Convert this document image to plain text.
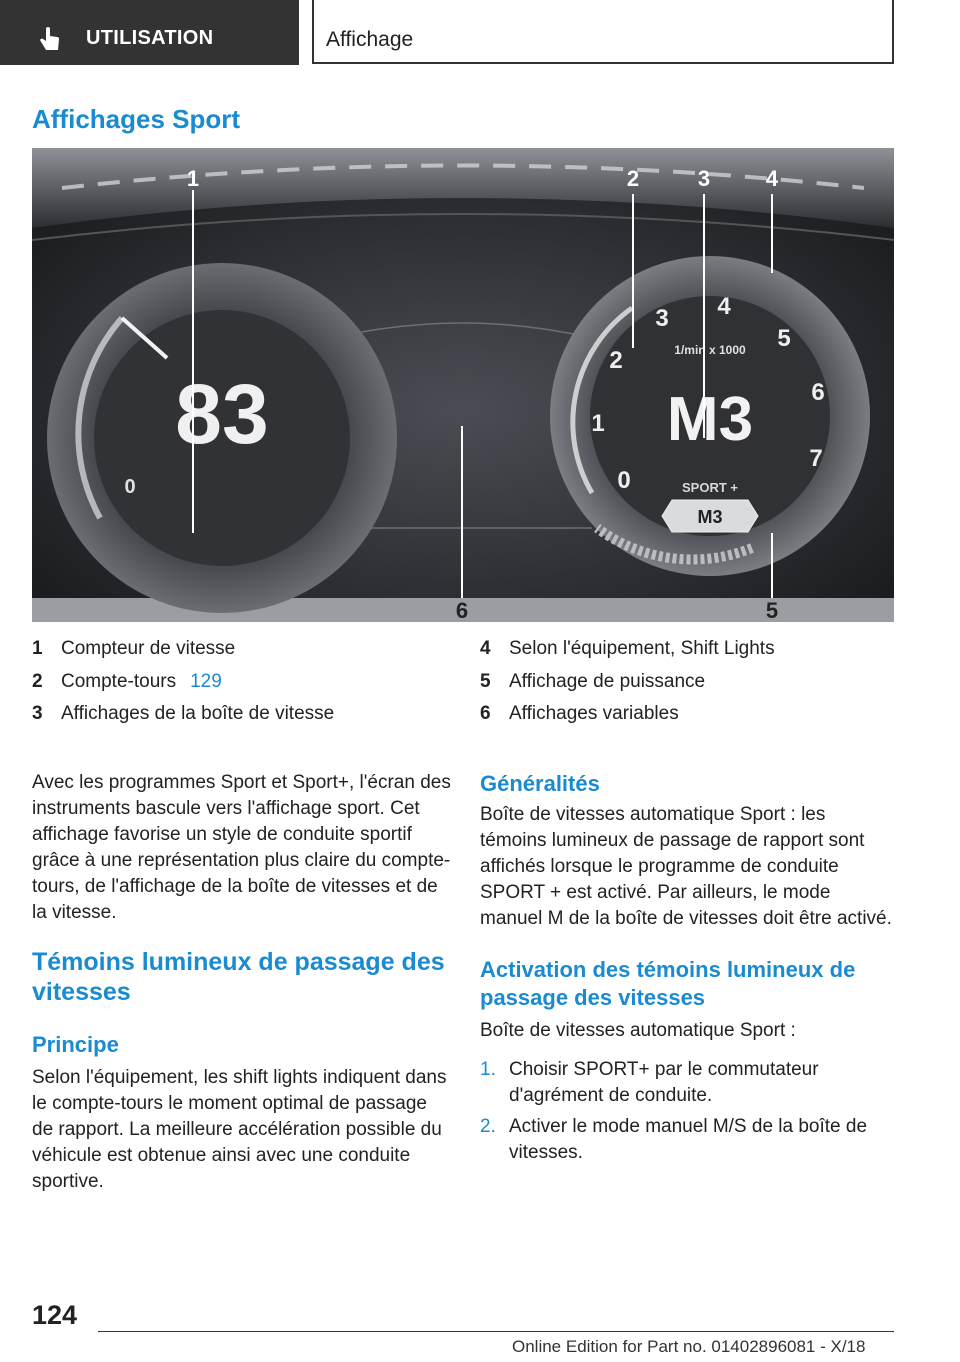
UTILISATION	Affichage
Affichages Sport
83
0
M3
1/min x 1000
0
1
2
3 4
5
6
7
SPORT +
M3
1	2	3	4
5
6
1 Compteur de vitesse
2 Compte-tours 129
3 Affichages de la boîte de vitesse
4 Selon l'équipement, Shift Lights
5 Affichage de puissance
6 Affichages variables

Avec les programmes Sport et Sport+, l'écran des instruments bascule vers l'affichage sport. Cet affichage favorise un style de conduite sportif grâce à une représentation plus claire du compte-tours, de l'affichage de la boîte de vitesses et de la vitesse.

Témoins lumineux de passage des vitesses
Principe

Selon l'équipement, les shift lights indiquent dans le compte-tours le moment optimal de passage de rapport. La meilleure accélération possible du véhicule est obtenue ainsi avec une conduite sportive.

Généralités

Boîte de vitesses automatique Sport : les témoins lumineux de passage de rapport sont affichés lorsque le programme de conduite SPORT + est activé. Par ailleurs, le mode manuel M de la boîte de vitesses doit être activé.

Activation des témoins lumineux de passage des vitesses

Boîte de vitesses automatique Sport :

1. Choisir SPORT+ par le commutateur d'agrément de conduite.
2. Activer le mode manuel M/S de la boîte de vitesses.
124
Online Edition for Part no. 01402896081 - X/18
